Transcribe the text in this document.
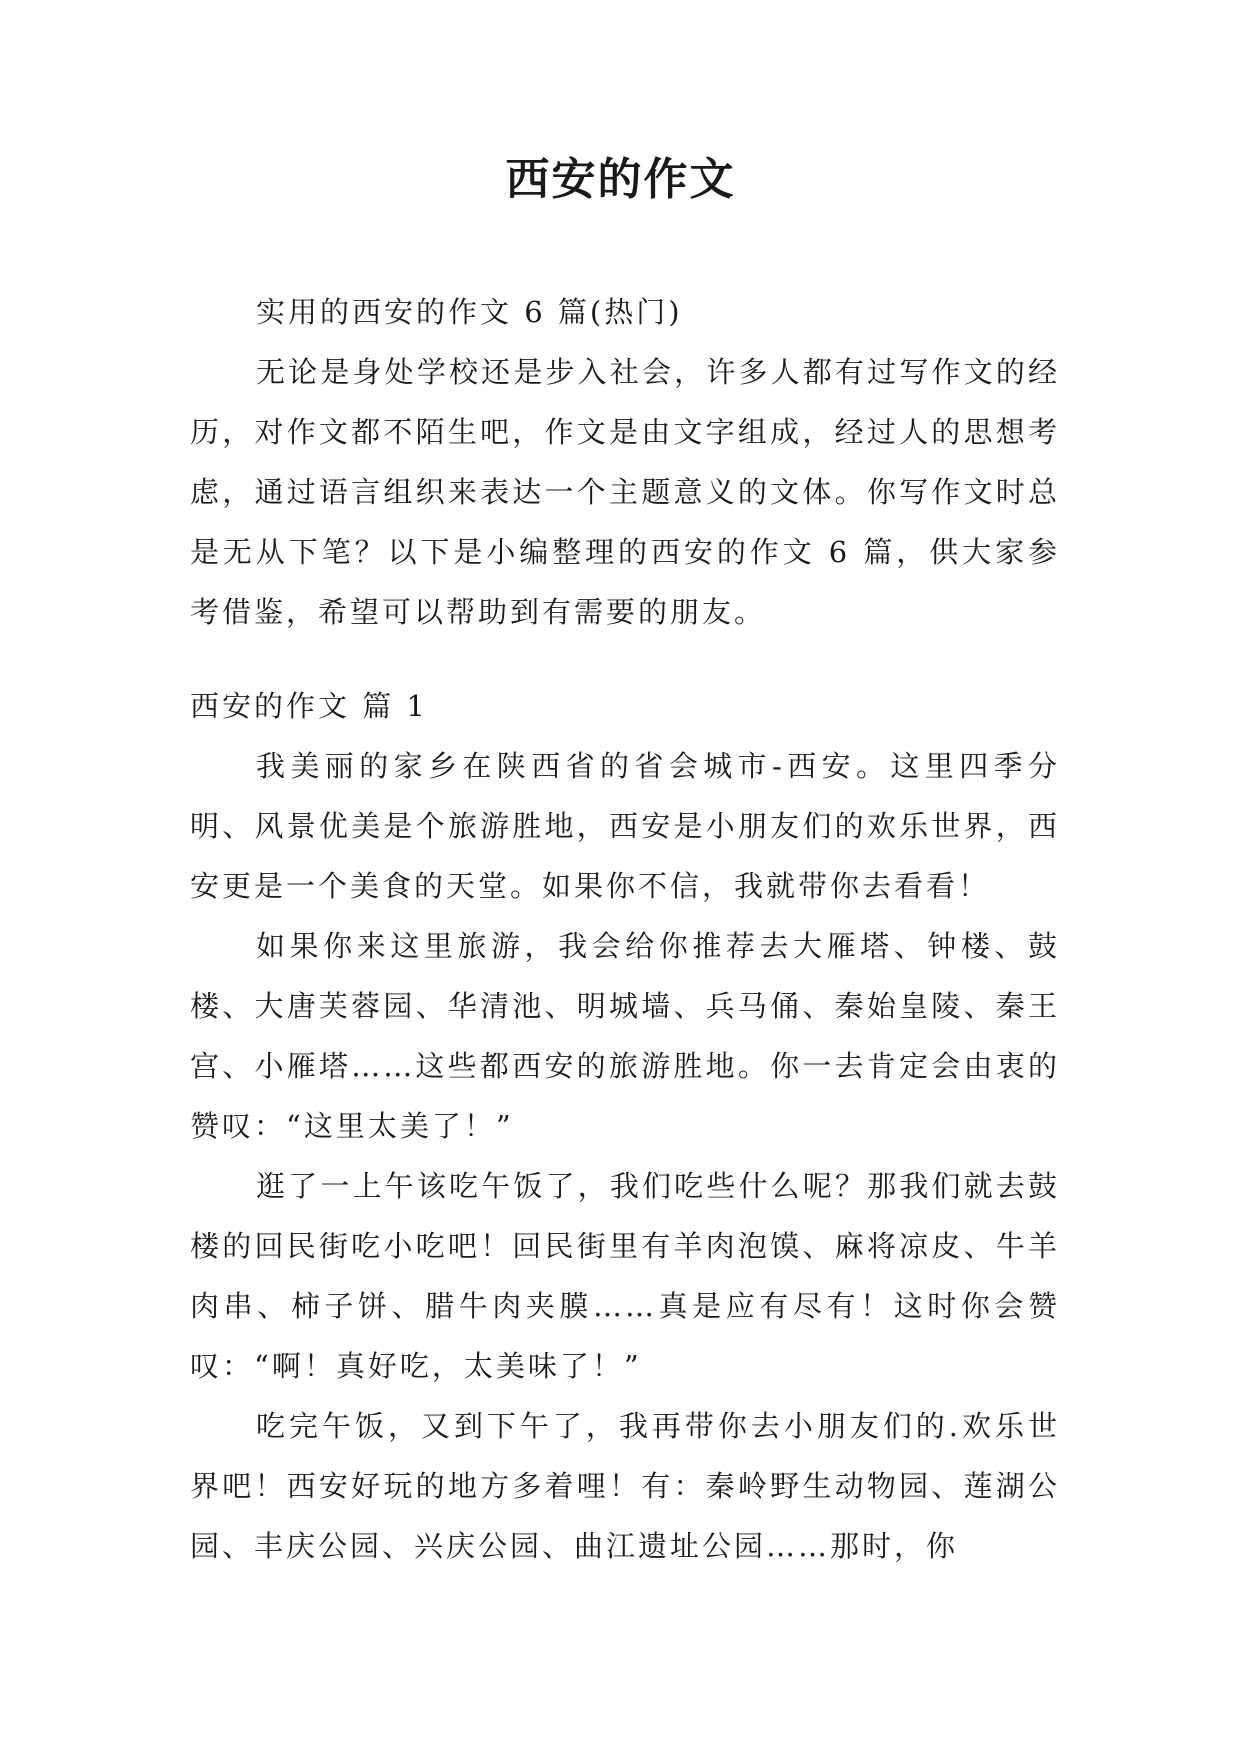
西安的作文

实用的西安的作文 6 篇(热门)

无论是身处学校还是步入社会，许多人都有过写作文的经历，对作文都不陌生吧，作文是由文字组成，经过人的思想考虑，通过语言组织来表达一个主题意义的文体。你写作文时总是无从下笔？以下是小编整理的西安的作文 6 篇，供大家参考借鉴，希望可以帮助到有需要的朋友。

西安的作文 篇 1

我美丽的家乡在陕西省的省会城市-西安。这里四季分明、风景优美是个旅游胜地，西安是小朋友们的欢乐世界，西安更是一个美食的天堂。如果你不信，我就带你去看看！

如果你来这里旅游，我会给你推荐去大雁塔、钟楼、鼓楼、大唐芙蓉园、华清池、明城墙、兵马俑、秦始皇陵、秦王宫、小雁塔……这些都西安的旅游胜地。你一去肯定会由衷的赞叹：“这里太美了！”

逛了一上午该吃午饭了，我们吃些什么呢？那我们就去鼓楼的回民街吃小吃吧！回民街里有羊肉泡馍、麻将凉皮、牛羊肉串、柿子饼、腊牛肉夹膜……真是应有尽有！这时你会赞叹：“啊！真好吃，太美味了！”

吃完午饭，又到下午了，我再带你去小朋友们的.欢乐世界吧！西安好玩的地方多着哩！有：秦岭野生动物园、莲湖公园、丰庆公园、兴庆公园、曲江遗址公园……那时，你
